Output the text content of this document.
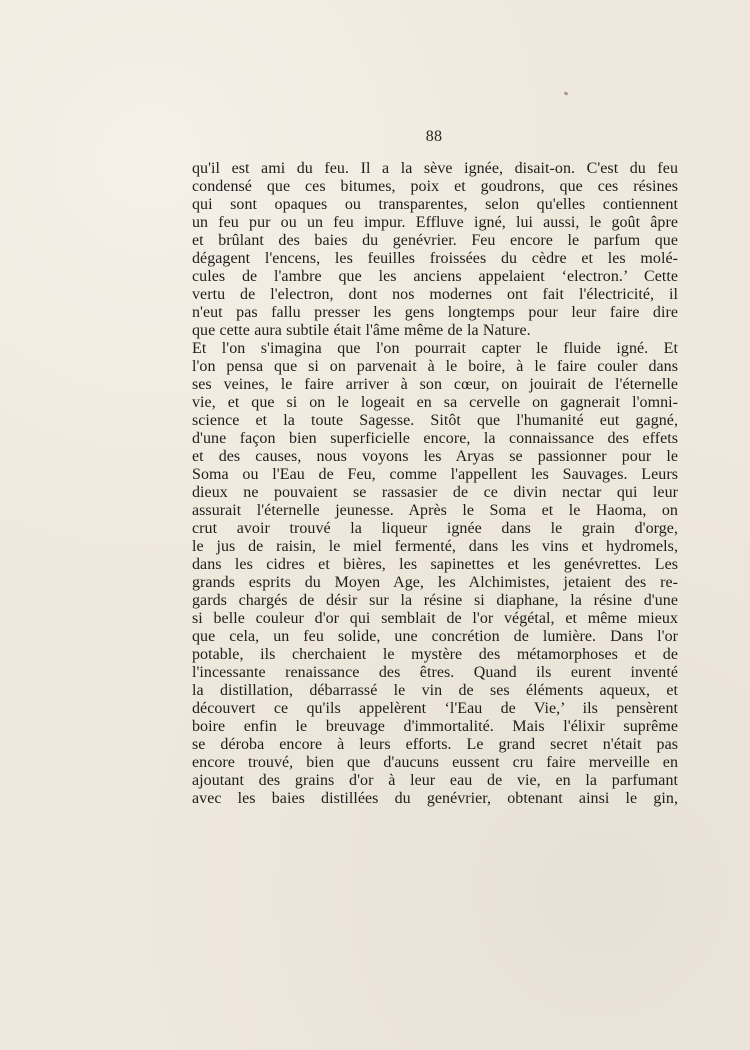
88
qu'il est ami du feu. Il a la sève ignée, disait-on. C'est du feu
condensé que ces bitumes, poix et goudrons, que ces résines
qui sont opaques ou transparentes, selon qu'elles contiennent
un feu pur ou un feu impur. Effluve igné, lui aussi, le goût âpre
et brûlant des baies du genévrier. Feu encore le parfum que
dégagent l'encens, les feuilles froissées du cèdre et les molé-
cules de l'ambre que les anciens appelaient ‘electron.’ Cette
vertu de l'electron, dont nos modernes ont fait l'électricité, il
n'eut pas fallu presser les gens longtemps pour leur faire dire
que cette aura subtile était l'âme même de la Nature.
Et l'on s'imagina que l'on pourrait capter le fluide igné. Et
l'on pensa que si on parvenait à le boire, à le faire couler dans
ses veines, le faire arriver à son cœur, on jouirait de l'éternelle
vie, et que si on le logeait en sa cervelle on gagnerait l'omni-
science et la toute Sagesse. Sitôt que l'humanité eut gagné,
d'une façon bien superficielle encore, la connaissance des effets
et des causes, nous voyons les Aryas se passionner pour le
Soma ou l'Eau de Feu, comme l'appellent les Sauvages. Leurs
dieux ne pouvaient se rassasier de ce divin nectar qui leur
assurait l'éternelle jeunesse. Après le Soma et le Haoma, on
crut avoir trouvé la liqueur ignée dans le grain d'orge,
le jus de raisin, le miel fermenté, dans les vins et hydromels,
dans les cidres et bières, les sapinettes et les genévrettes. Les
grands esprits du Moyen Age, les Alchimistes, jetaient des re-
gards chargés de désir sur la résine si diaphane, la résine d'une
si belle couleur d'or qui semblait de l'or végétal, et même mieux
que cela, un feu solide, une concrétion de lumière. Dans l'or
potable, ils cherchaient le mystère des métamorphoses et de
l'incessante renaissance des êtres. Quand ils eurent inventé
la distillation, débarrassé le vin de ses éléments aqueux, et
découvert ce qu'ils appelèrent ‘l'Eau de Vie,’ ils pensèrent
boire enfin le breuvage d'immortalité. Mais l'élixir suprême
se déroba encore à leurs efforts. Le grand secret n'était pas
encore trouvé, bien que d'aucuns eussent cru faire merveille en
ajoutant des grains d'or à leur eau de vie, en la parfumant
avec les baies distillées du genévrier, obtenant ainsi le gin,
